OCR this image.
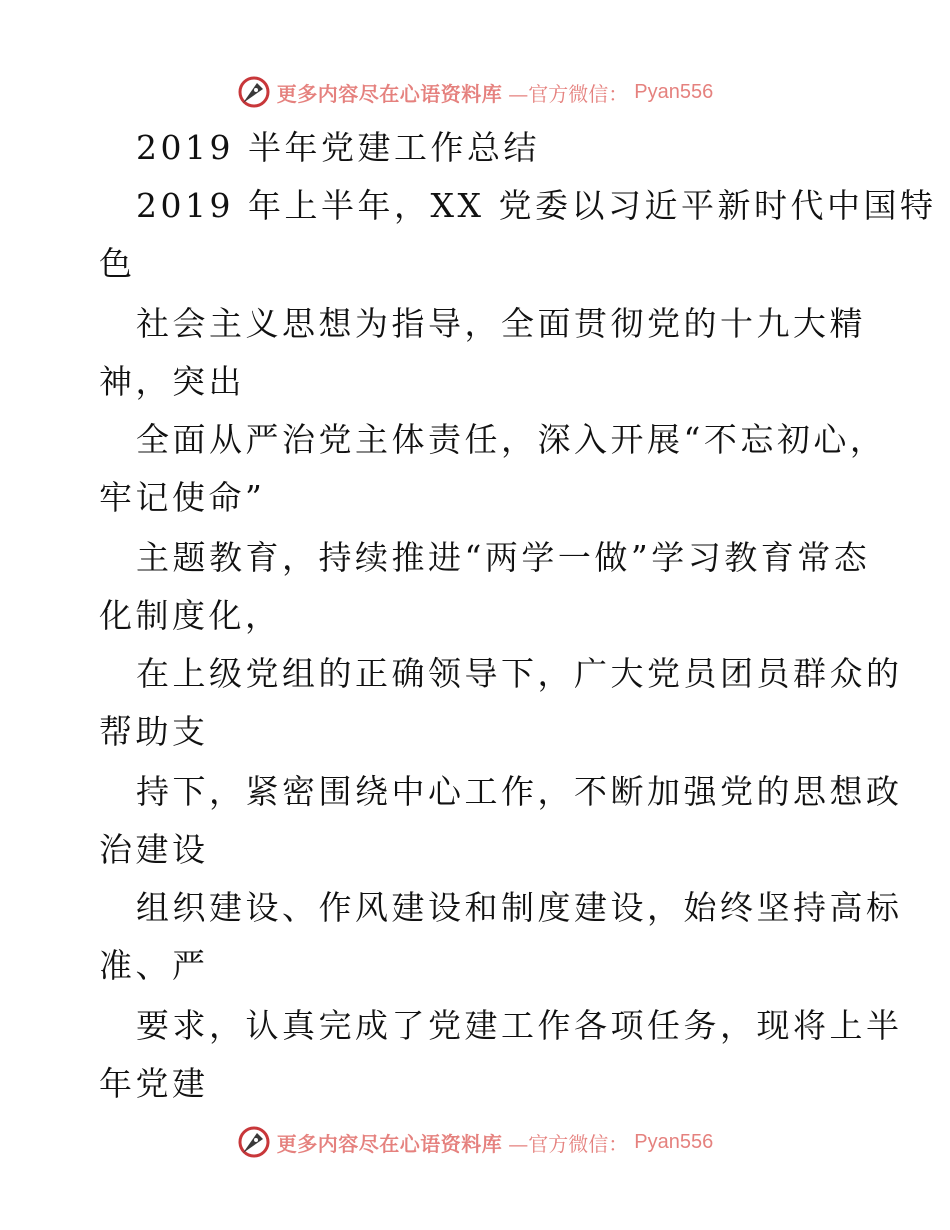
更多内容尽在心语资料库 —官方微信： Pyan556
2019 半年党建工作总结
2019 年上半年，XX 党委以习近平新时代中国特
色
社会主义思想为指导，全面贯彻党的十九大精
神，突出
全面从严治党主体责任，深入开展“不忘初心，
牢记使命”
主题教育，持续推进“两学一做”学习教育常态
化制度化，
在上级党组的正确领导下，广大党员团员群众的
帮助支
持下，紧密围绕中心工作，不断加强党的思想政
治建设
组织建设、作风建设和制度建设，始终坚持高标
准、严
要求，认真完成了党建工作各项任务，现将上半
年党建
更多内容尽在心语资料库 —官方微信： Pyan556
